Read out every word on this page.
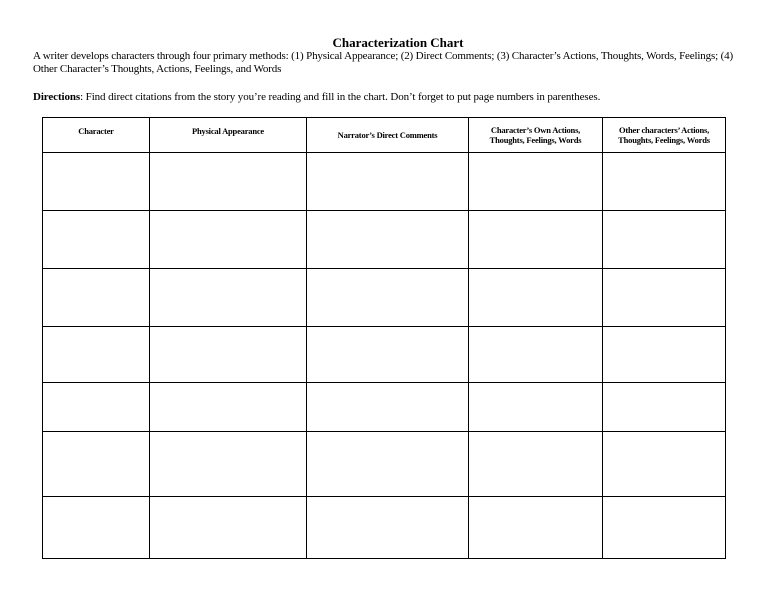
Characterization Chart
A writer develops characters through four primary methods: (1) Physical Appearance; (2) Direct Comments; (3) Character’s Actions, Thoughts, Words, Feelings; (4) Other Character’s Thoughts, Actions, Feelings, and Words
Directions: Find direct citations from the story you’re reading and fill in the chart. Don’t forget to put page numbers in parentheses.
Character	Physical Appearance	Narrator’s Direct Comments	Character’s Own Actions, Thoughts, Feelings, Words	Other characters’ Actions, Thoughts, Feelings, Words
